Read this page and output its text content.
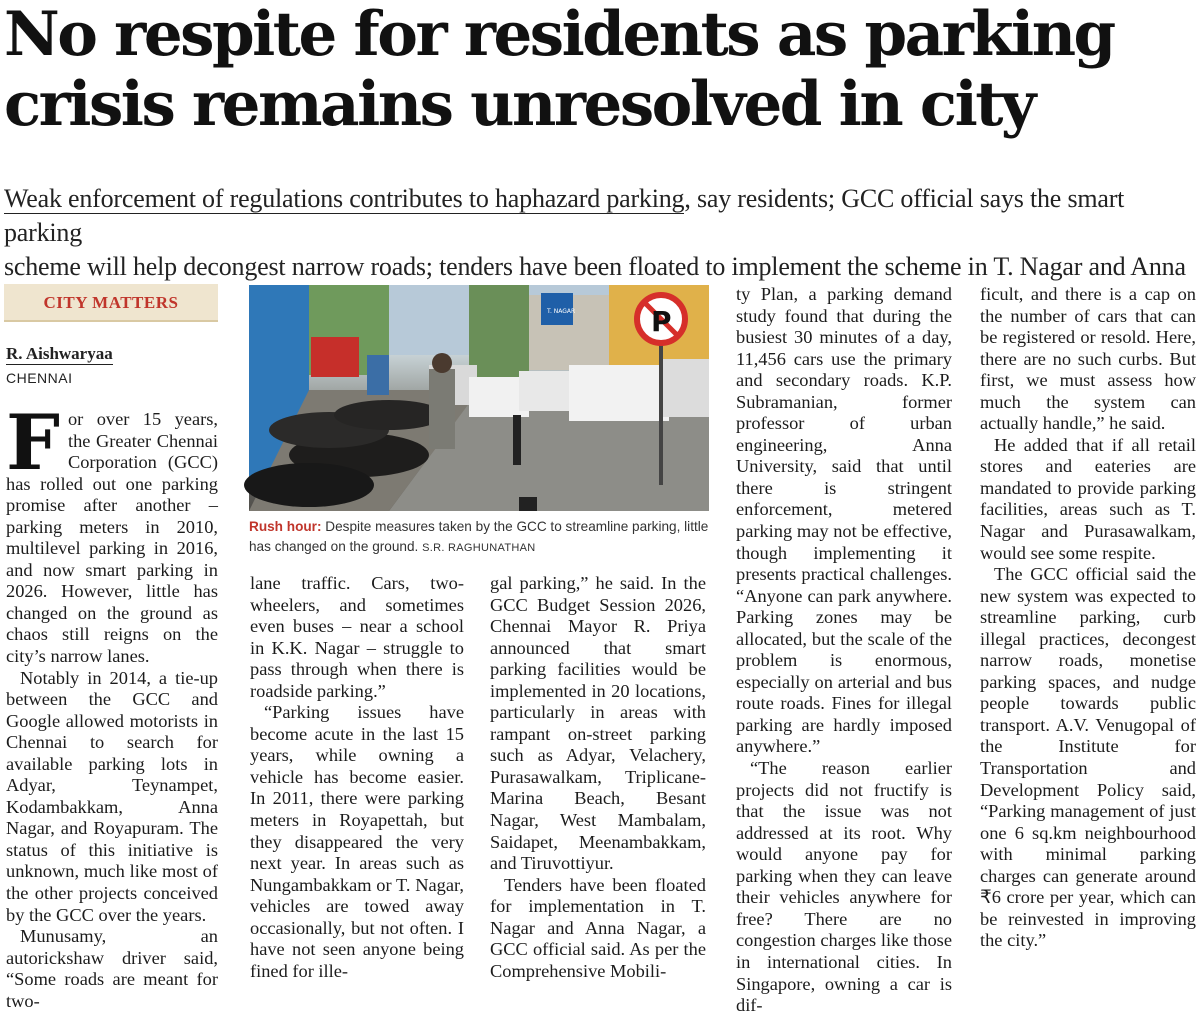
No respite for residents as parking
crisis remains unresolved in city
Weak enforcement of regulations contributes to haphazard parking, say residents; GCC official says the smart parking
scheme will help decongest narrow roads; tenders have been floated to implement the scheme in T. Nagar and Anna
CITY MATTERS
R. Aishwaryaa
CHENNAI

For over 15 years, the Greater Chennai Corporation (GCC) has rolled out one parking promise after another – parking meters in 2010, multilevel parking in 2016, and now smart parking in 2026. However, little has changed on the ground as chaos still reigns on the city’s narrow lanes.

Notably in 2014, a tie-up between the GCC and Google allowed motorists in Chennai to search for available parking lots in Adyar, Teynampet, Kodambakkam, Anna Nagar, and Royapuram. The status of this initiative is unknown, much like most of the other projects conceived by the GCC over the years.

Munusamy, an autorickshaw driver said, “Some roads are meant for two-

P
T. NAGAR
Rush hour: Despite measures taken by the GCC to streamline parking, little has changed on the ground. S.R. RAGHUNATHAN

lane traffic. Cars, two-wheelers, and sometimes even buses – near a school in K.K. Nagar – struggle to pass through when there is roadside parking.”

“Parking issues have become acute in the last 15 years, while owning a vehicle has become easier. In 2011, there were parking meters in Royapettah, but they disappeared the very next year. In areas such as Nungambakkam or T. Nagar, vehicles are towed away occasionally, but not often. I have not seen anyone being fined for ille-

gal parking,” he said. In the GCC Budget Session 2026, Chennai Mayor R. Priya announced that smart parking facilities would be implemented in 20 locations, particularly in areas with rampant on-street parking such as Adyar, Velachery, Purasawalkam, Triplicane-Marina Beach, Besant Nagar, West Mambalam, Saidapet, Meenambakkam, and Tiruvottiyur.

Tenders have been floated for implementation in T. Nagar and Anna Nagar, a GCC official said. As per the Comprehensive Mobili-

ty Plan, a parking demand study found that during the busiest 30 minutes of a day, 11,456 cars use the primary and secondary roads. K.P. Subramanian, former professor of urban engineering, Anna University, said that until there is stringent enforcement, metered parking may not be effective, though implementing it presents practical challenges. “Anyone can park anywhere. Parking zones may be allocated, but the scale of the problem is enormous, especially on arterial and bus route roads. Fines for illegal parking are hardly imposed anywhere.”

“The reason earlier projects did not fructify is that the issue was not addressed at its root. Why would anyone pay for parking when they can leave their vehicles anywhere for free? There are no congestion charges like those in international cities. In Singapore, owning a car is dif-

ficult, and there is a cap on the number of cars that can be registered or resold. Here, there are no such curbs. But first, we must assess how much the system can actually handle,” he said.

He added that if all retail stores and eateries are mandated to provide parking facilities, areas such as T. Nagar and Purasawalkam, would see some respite.

The GCC official said the new system was expected to streamline parking, curb illegal practices, decongest narrow roads, monetise parking spaces, and nudge people towards public transport. A.V. Venugopal of the Institute for Transportation and Development Policy said, “Parking management of just one 6 sq.km neighbourhood with minimal parking charges can generate around ₹6 crore per year, which can be reinvested in improving the city.”
